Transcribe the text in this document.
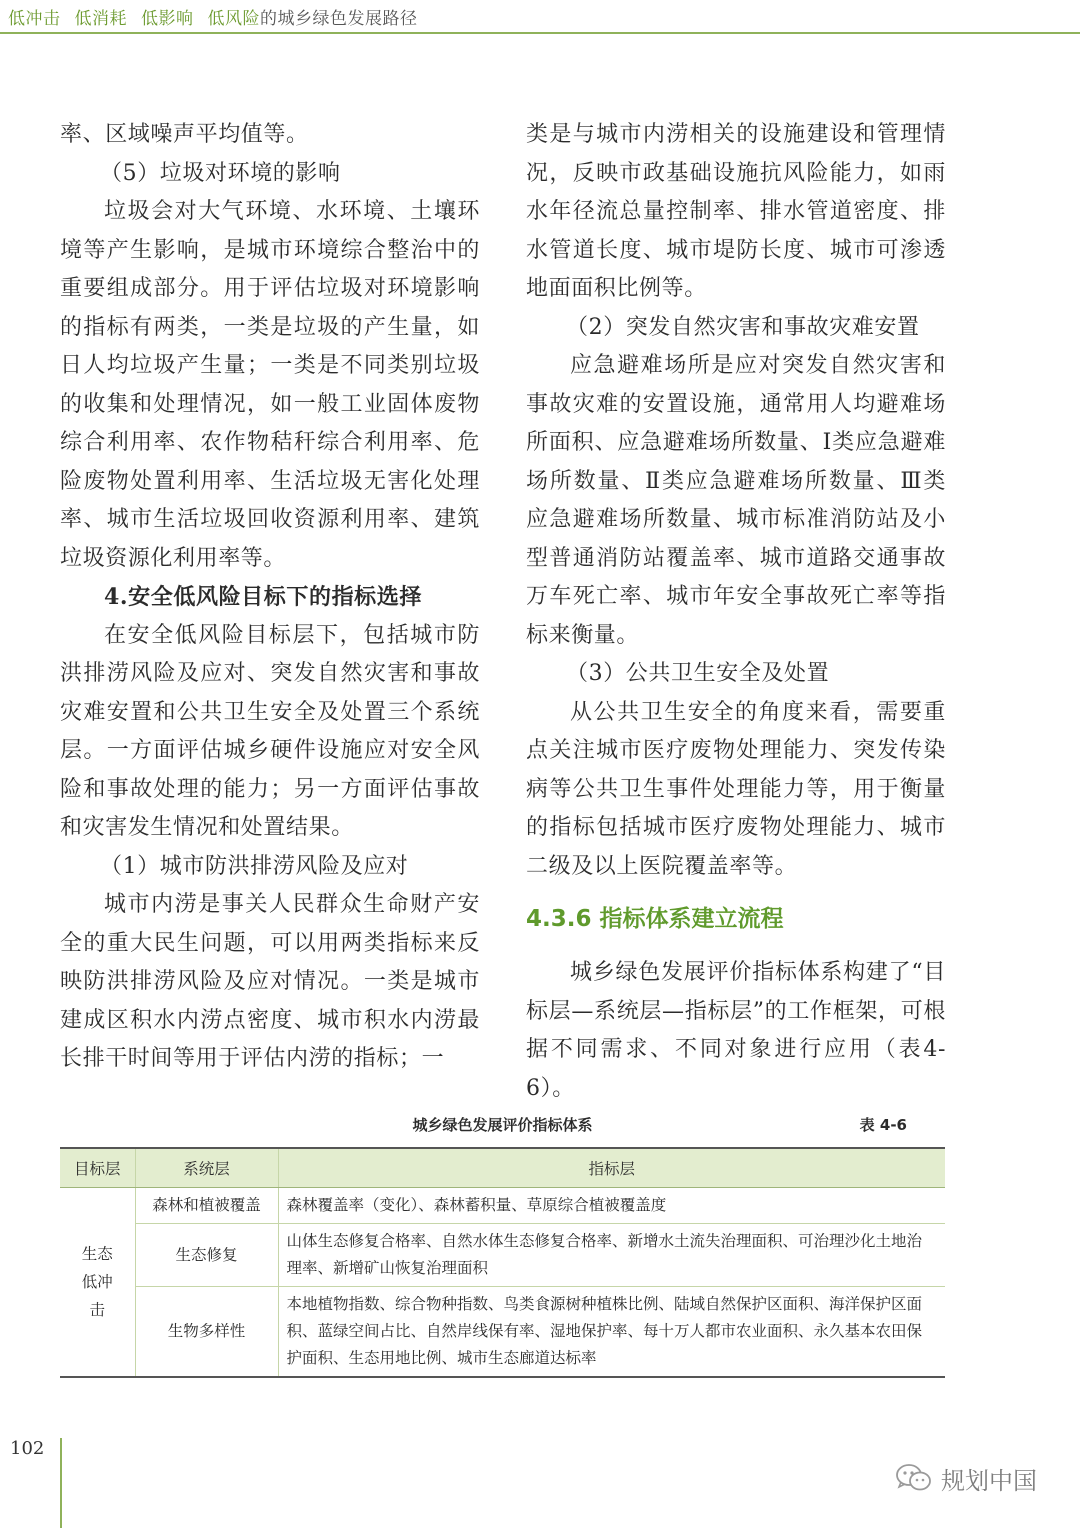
低冲击 低消耗 低影响 低风险的城乡绿色发展路径

率、区域噪声平均值等。

（5）垃圾对环境的影响

垃圾会对大气环境、水环境、土壤环境等产生影响，是城市环境综合整治中的重要组成部分。用于评估垃圾对环境影响的指标有两类，一类是垃圾的产生量，如日人均垃圾产生量；一类是不同类别垃圾的收集和处理情况，如一般工业固体废物综合利用率、农作物秸秆综合利用率、危险废物处置利用率、生活垃圾无害化处理率、城市生活垃圾回收资源利用率、建筑垃圾资源化利用率等。

4.安全低风险目标下的指标选择

在安全低风险目标层下，包括城市防洪排涝风险及应对、突发自然灾害和事故灾难安置和公共卫生安全及处置三个系统层。一方面评估城乡硬件设施应对安全风险和事故处理的能力；另一方面评估事故和灾害发生情况和处置结果。

（1）城市防洪排涝风险及应对

城市内涝是事关人民群众生命财产安全的重大民生问题，可以用两类指标来反映防洪排涝风险及应对情况。一类是城市建成区积水内涝点密度、城市积水内涝最长排干时间等用于评估内涝的指标；一

类是与城市内涝相关的设施建设和管理情况，反映市政基础设施抗风险能力，如雨水年径流总量控制率、排水管道密度、排水管道长度、城市堤防长度、城市可渗透地面面积比例等。

（2）突发自然灾害和事故灾难安置

应急避难场所是应对突发自然灾害和事故灾难的安置设施，通常用人均避难场所面积、应急避难场所数量、Ⅰ类应急避难场所数量、Ⅱ类应急避难场所数量、Ⅲ类应急避难场所数量、城市标准消防站及小型普通消防站覆盖率、城市道路交通事故万车死亡率、城市年安全事故死亡率等指标来衡量。

（3）公共卫生安全及处置

从公共卫生安全的角度来看，需要重点关注城市医疗废物处理能力、突发传染病等公共卫生事件处理能力等，用于衡量的指标包括城市医疗废物处理能力、城市二级及以上医院覆盖率等。

4.3.6 指标体系建立流程

城乡绿色发展评价指标体系构建了“目标层—系统层—指标层”的工作框架，可根据不同需求、不同对象进行应用（表4-6）。

城乡绿色发展评价指标体系	表 4-6
目标层	系统层	指标层
生态低冲击	森林和植被覆盖	森林覆盖率（变化）、森林蓄积量、草原综合植被覆盖度
	生态修复	山体生态修复合格率、自然水体生态修复合格率、新增水土流失治理面积、可治理沙化土地治理率、新增矿山恢复治理面积
	生物多样性	本地植物指数、综合物种指数、鸟类食源树种植株比例、陆域自然保护区面积、海洋保护区面积、蓝绿空间占比、自然岸线保有率、湿地保护率、每十万人都市农业面积、永久基本农田保护面积、生态用地比例、城市生态廊道达标率
102
规划中国
